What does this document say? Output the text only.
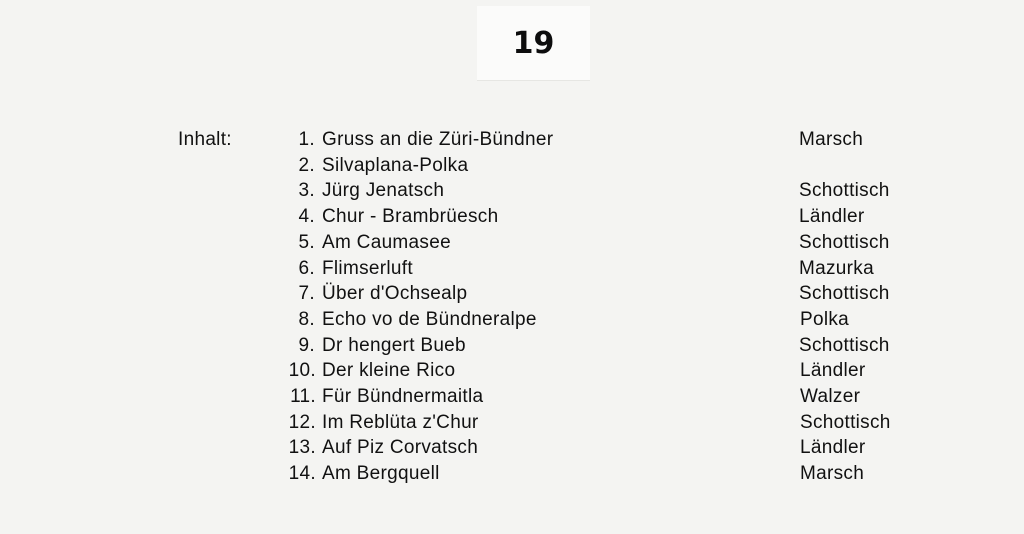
19
Inhalt:	1. Gruss an die Züri-Bündner	Marsch
2. Silvaplana-Polka
3. Jürg Jenatsch	Schottisch
4. Chur - Brambrüesch	Ländler
5. Am Caumasee	Schottisch
6. Flimserluft	Mazurka
7. Über d'Ochsealp	Schottisch
8. Echo vo de Bündneralpe	Polka
9. Dr hengert Bueb	Schottisch
10. Der kleine Rico	Ländler
11. Für Bündnermaitla	Walzer
12. Im Reblüta z'Chur	Schottisch
13. Auf Piz Corvatsch	Ländler
14. Am Bergquell	Marsch
